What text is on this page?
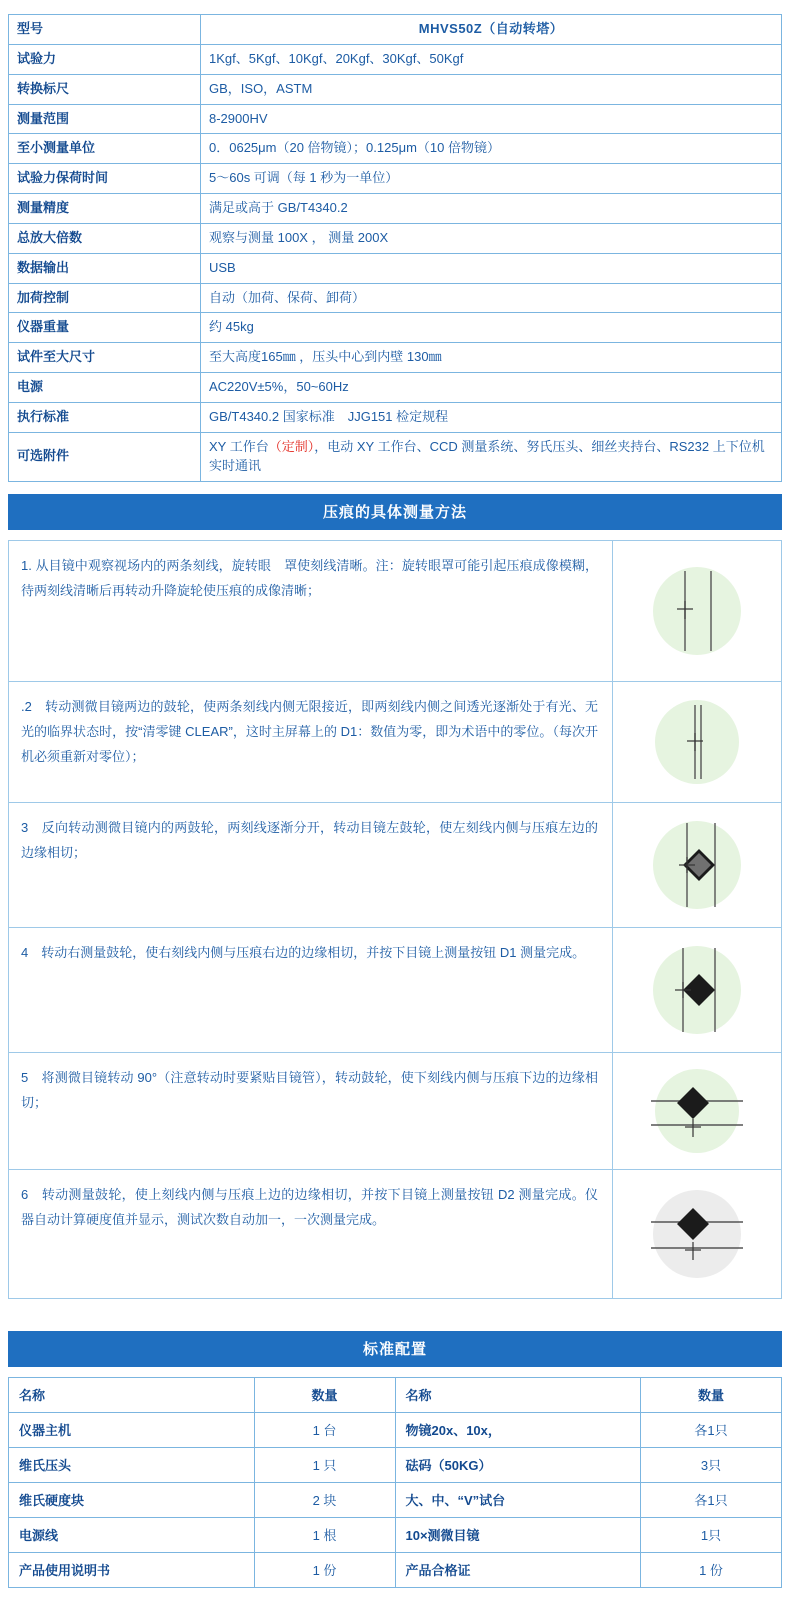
型号	MHVS50Z（自动转塔）
试验力	1Kgf、5Kgf、10Kgf、20Kgf、30Kgf、50Kgf
转换标尺	GB，ISO，ASTM
测量范围	8-2900HV
至小测量单位	0．0625μm（20 倍物镜）；0.125μm（10 倍物镜）
试验力保荷时间	5～60s 可调（每 1 秒为一单位）
测量精度	满足或高于 GB/T4340.2
总放大倍数	观察与测量 100X ， 测量 200X
数据输出	USB
加荷控制	自动（加荷、保荷、卸荷）
仪器重量	约 45kg
试件至大尺寸	至大高度165㎜ ，压头中心到内壁 130㎜
电源	AC220V±5%，50~60Hz
执行标准	GB/T4340.2 国家标准　JJG151 检定规程
可选附件	XY 工作台（定制），电动 XY 工作台、CCD 测量系统、努氏压头、细丝夹持台、RS232 上下位机实时通讯
压痕的具体测量方法
1. 从目镜中观察视场内的两条刻线，旋转眼　罩使刻线清晰。注：旋转眼罩可能引起压痕成像模糊，待两刻线清晰后再转动升降旋轮使压痕的成像清晰；	

.2　转动测微目镜两边的鼓轮，使两条刻线内侧无限接近，即两刻线内侧之间透光逐渐处于有光、无光的临界状态时，按“清零键 CLEAR”，这时主屏幕上的 D1：数值为零，即为术语中的零位。（每次开机必须重新对零位）；	

3　反向转动测微目镜内的两鼓轮，两刻线逐渐分开，转动目镜左鼓轮，使左刻线内侧与压痕左边的边缘相切；	

4　转动右测量鼓轮，使右刻线内侧与压痕右边的边缘相切，并按下目镜上测量按钮 D1 测量完成。	

5　将测微目镜转动 90°（注意转动时要紧贴目镜管），转动鼓轮，使下刻线内侧与压痕下边的边缘相切；	

6　转动测量鼓轮，使上刻线内侧与压痕上边的边缘相切，并按下目镜上测量按钮 D2 测量完成。仪器自动计算硬度值并显示，测试次数自动加一，一次测量完成。	
标准配置
名称	数量	名称	数量
仪器主机	1 台	物镜20x、10x，	各1只
维氏压头	1 只	砝码（50KG）	3只
维氏硬度块	2 块	大、中、“V”试台	各1只
电源线	1 根	10×测微目镜	1只
产品使用说明书	1 份	产品合格证	1 份
